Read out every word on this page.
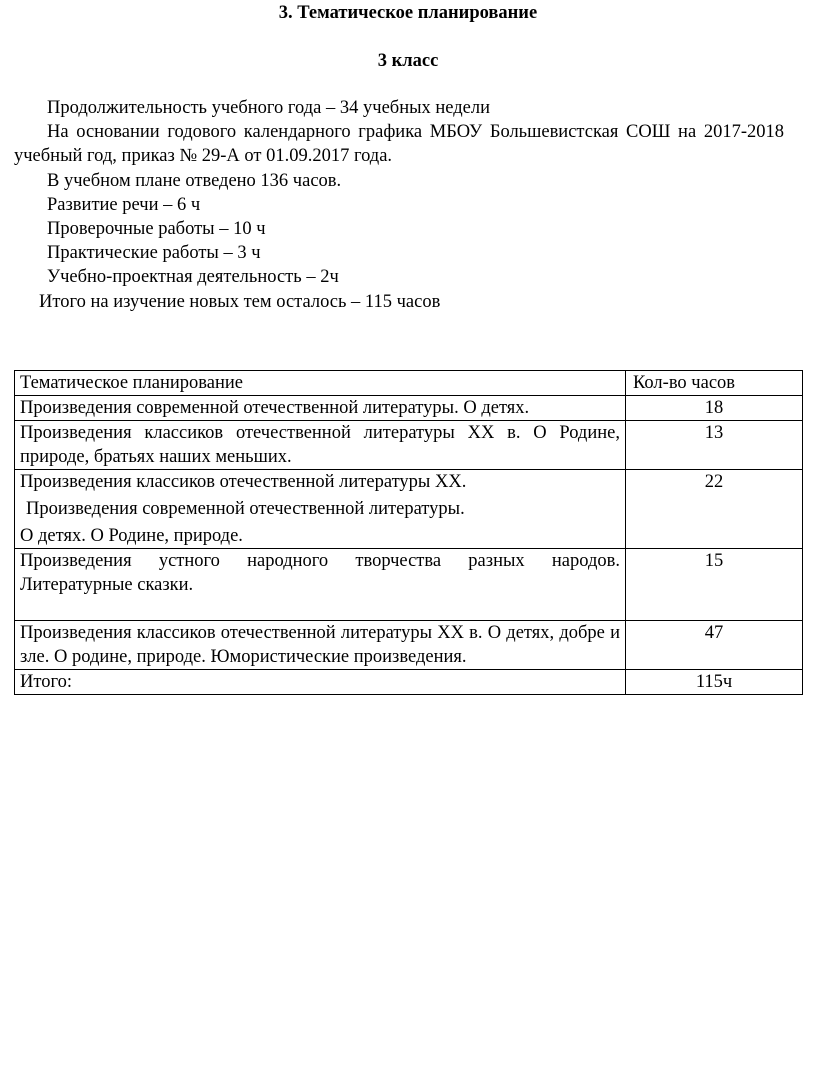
3. Тематическое планирование
3 класс

Продолжительность учебного года – 34 учебных недели

На основании годового календарного графика МБОУ Большевистская СОШ на 2017-2018 учебный год, приказ № 29-А от 01.09.2017 года.

В учебном плане отведено 136 часов.

Развитие речи – 6 ч

Проверочные работы – 10 ч

Практические работы – 3 ч

Учебно-проектная деятельность – 2ч

Итого на изучение новых тем осталось – 115 часов

Тематическое планирование	Кол-во часов
Произведения современной отечественной литературы. О детях.	18
Произведения классиков отечественной литературы XX в. О Родине, природе, братьях наших меньших.	13

Произведения классиков отечественной литературы XX.
Произведения современной отечественной литературы.
О детях. О Родине, природе.	22
Произведения устного народного творчества разных народов. Литературные сказки.	15
Произведения классиков отечественной литературы XX в. О детях, добре и зле. О родине, природе. Юмористические произведения.	47
Итого:	115ч
